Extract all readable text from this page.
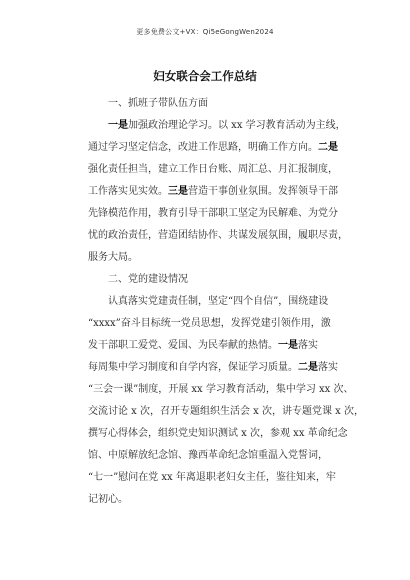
更多免费公文+VX：Qi5eGongWen2024
妇女联合会工作总结

一、抓班子带队伍方面

一是加强政治理论学习。以 xx 学习教育活动为主线，

通过学习坚定信念，改进工作思路，明确工作方向。二是

强化责任担当，建立工作日台账、周汇总、月汇报制度，

工作落实见实效。三是营造干事创业氛围。发挥领导干部

先锋模范作用，教育引导干部职工坚定为民解难、为党分

忧的政治责任，营造团结协作、共谋发展氛围，履职尽责，

服务大局。

二、党的建设情况

认真落实党建责任制，坚定“四个自信”，围绕建设

“xxxx”奋斗目标统一党员思想，发挥党建引领作用，激

发干部职工爱党、爱国、为民奉献的热情。一是落实

每周集中学习制度和自学内容，保证学习质量。二是落实

“三会一课”制度，开展 xx 学习教育活动，集中学习 xx 次、

交流讨论 x 次，召开专题组织生活会 x 次，讲专题党课 x 次，

撰写心得体会，组织党史知识测试 x 次，参观 xx 革命纪念

馆、中原解放纪念馆、豫西革命纪念馆重温入党誓词，

“七一”慰问在党 xx 年离退职老妇女主任，鉴往知来，牢

记初心。
